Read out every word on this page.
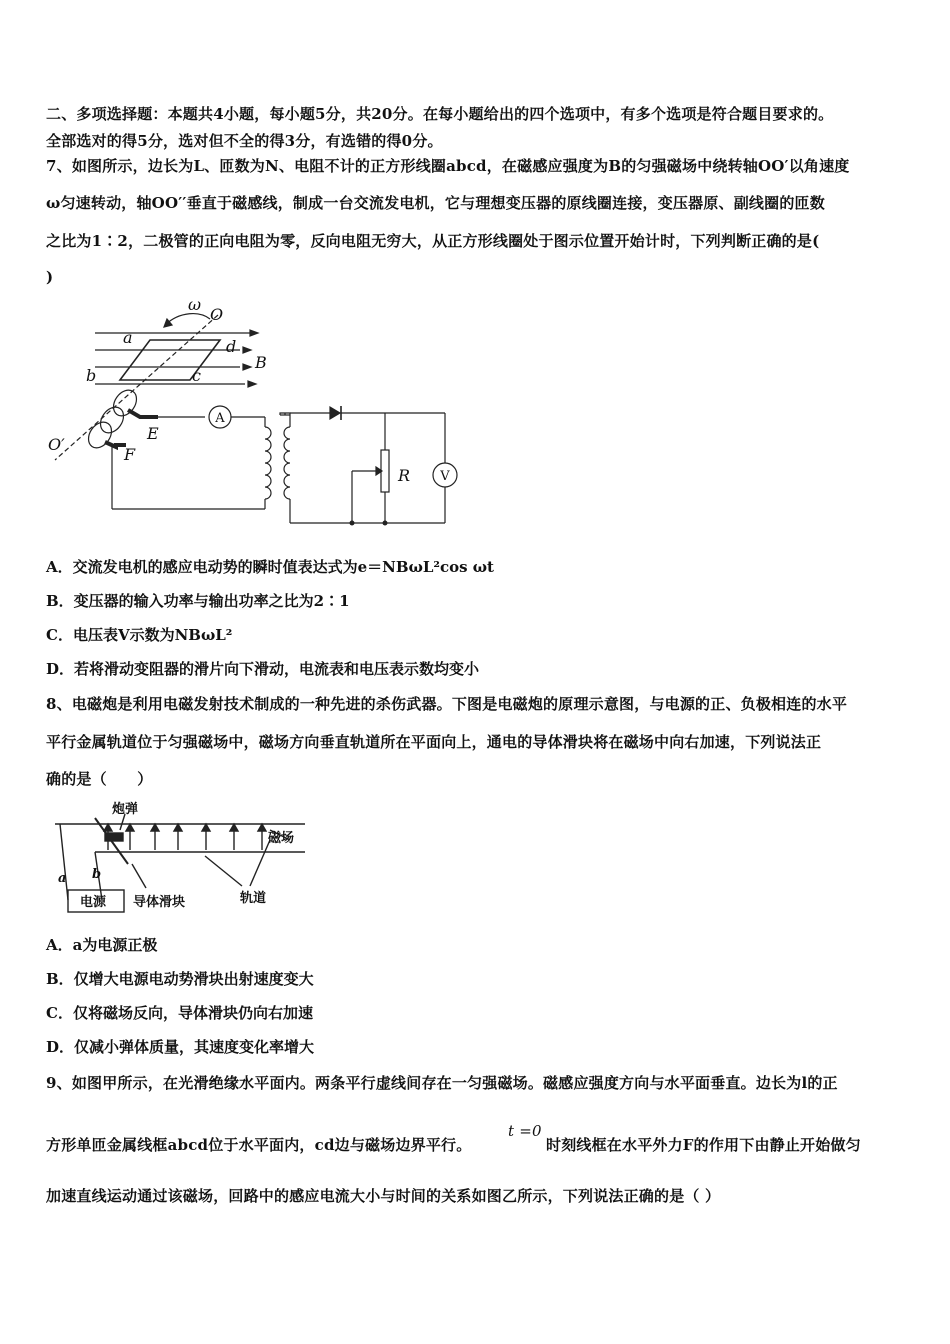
二、多项选择题：本题共4小题，每小题5分，共20分。在每小题给出的四个选项中，有多个选项是符合题目要求的。
全部选对的得5分，选对但不全的得3分，有选错的得0分。
7、如图所示，边长为L、匝数为N、电阻不计的正方形线圈abcd，在磁感应强度为B的匀强磁场中绕转轴OO′以角速度
ω匀速转动，轴OO′′垂直于磁感线，制成一台交流发电机，它与理想变压器的原线圈连接，变压器原、副线圈的匝数
之比为1∶2，二极管的正向电阻为零，反向电阻无穷大，从正方形线圈处于图示位置开始计时，下列判断正确的是(
)
ω
O
O′
a
b	c
d
B
E
F
R
A
V
A．交流发电机的感应电动势的瞬时值表达式为e＝NBωL²cos ωt
B．变压器的输入功率与输出功率之比为2∶1
C．电压表V示数为NBωL²
D．若将滑动变阻器的滑片向下滑动，电流表和电压表示数均变小
8、电磁炮是利用电磁发射技术制成的一种先进的杀伤武器。下图是电磁炮的原理示意图，与电源的正、负极相连的水平
平行金属轨道位于匀强磁场中，磁场方向垂直轨道所在平面向上，通电的导体滑块将在磁场中向右加速，下列说法正
确的是（　　）
炮弹
磁场
电源 导体滑块	轨道
a b
A．a为电源正极
B．仅增大电源电动势滑块出射速度变大
C．仅将磁场反向，导体滑块仍向右加速
D．仅减小弹体质量，其速度变化率增大
9、如图甲所示，在光滑绝缘水平面内。两条平行虚线间存在一匀强磁场。磁感应强度方向与水平面垂直。边长为l的正
方形单匝金属线框abcd位于水平面内，cd边与磁场边界平行。
t =0
时刻线框在水平外力F的作用下由静止开始做匀
加速直线运动通过该磁场，回路中的感应电流大小与时间的关系如图乙所示，下列说法正确的是（ ）
